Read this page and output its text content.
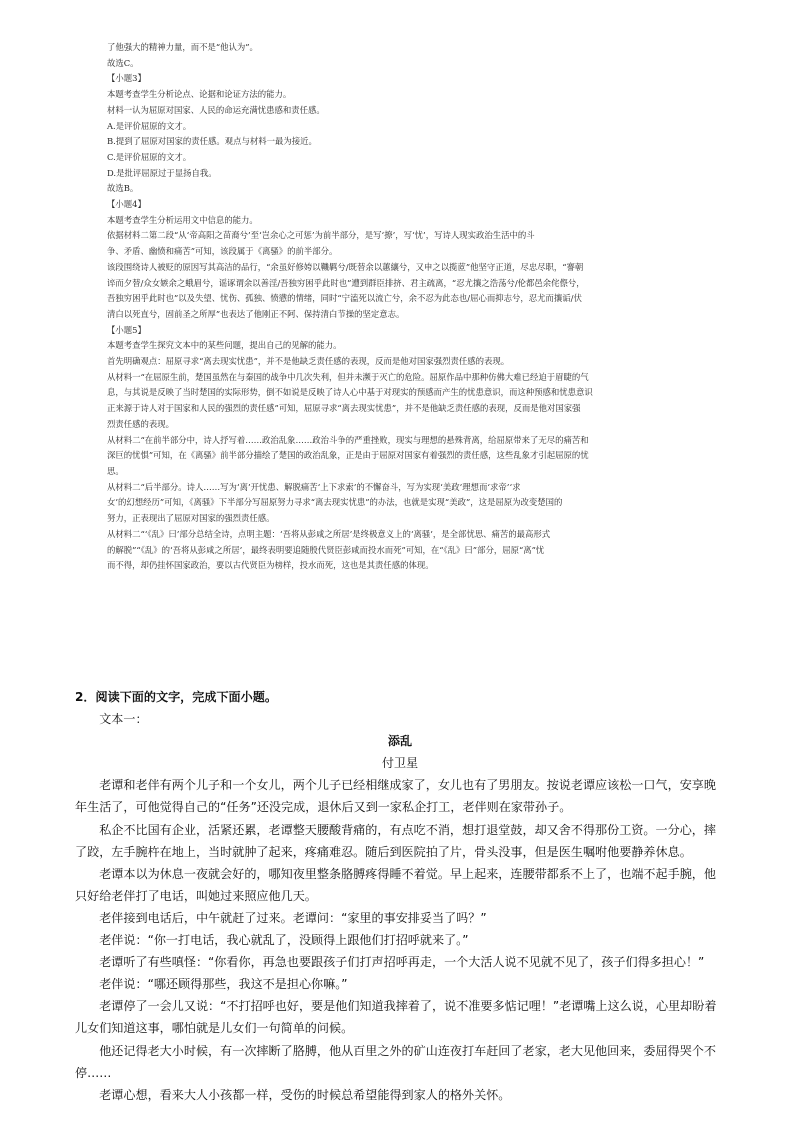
了他强大的精神力量，而不是“他认为”。

故选C。

【小题3】

本题考查学生分析论点、论据和论证方法的能力。

材料一认为屈原对国家、人民的命运充满忧患感和责任感。

A.是评价屈原的文才。

B.提到了屈原对国家的责任感。观点与材料一最为接近。

C.是评价屈原的文才。

D.是批评屈原过于显扬自我。

故选B。

【小题4】

本题考查学生分析运用文中信息的能力。

依据材料二第二段“从‘帝高阳之苗裔兮’至‘岂余心之可惩’为前半部分，是写‘撩’，写‘忧’，写诗人现实政治生活中的斗

争、矛盾、幽愤和痛苦”可知，该段属于《离骚》的前半部分。

该段围绕诗人被贬的原因写其高洁的品行，“余虽好修姱以鞿羁兮/既替余以蕙纕兮，又申之以揽茝”他坚守正道，尽忠尽职，“謇朝

谇而夕替/众女嫉余之蛾眉兮，谣诼谓余以善淫/吾独穷困乎此时也”遭到群臣排挤、君主疏离，“忍尤攘之浩荡兮/伦都邑余侘傺兮，

吾独穷困乎此时也”以及失望、忧伤、孤独、愤懑的情绪，同时“宁溘死以流亡兮，余不忍为此态也/屈心而抑志兮，忍尤而攘诟/伏

清白以死直兮，固前圣之所厚”也表达了他刚正不阿、保持清白节操的坚定意志。

【小题5】

本题考查学生探究文本中的某些问题，提出自己的见解的能力。

首先明确观点：屈原寻求“离去现实忧患”，并不是他缺乏责任感的表现，反而是他对国家强烈责任感的表现。

从材料一“在屈原生前，楚国虽然在与秦国的战争中几次失利，但并未濒于灭亡的危险。屈原作品中那种仿佛大难已经迫于眉睫的气

息，与其说是反映了当时楚国的实际形势，倒不如说是反映了诗人心中基于对现实的预感而产生的忧患意识，而这种预感和忧患意识

正来源于诗人对于国家和人民的强烈的责任感”可知，屈原寻求“离去现实忧患”，并不是他缺乏责任感的表现，反而是他对国家强

烈责任感的表现。

从材料二“在前半部分中，诗人抒写着……政治乱象……政治斗争的严重挫败，现实与理想的悬殊背离，给屈原带来了无尽的痛苦和

深巨的忧惧”可知，在《离骚》前半部分描绘了楚国的政治乱象，正是由于屈原对国家有着强烈的责任感，这些乱象才引起屈原的忧

思。

从材料二“后半部分。诗人……写为‘离’开忧患、解脱痛苦‘上下求索’的不懈奋斗，写为实现‘美政’理想而‘求帝’‘求

女’的幻想经历”可知，《离骚》下半部分写屈原努力寻求“离去现实忧患”的办法，也就是实现“美政”，这是屈原为改变楚国的

努力，正表现出了屈原对国家的强烈责任感。

从材料二“‘《乱》曰’部分总结全诗，点明主题：‘吾将从彭咸之所居’是终极意义上的‘离骚’，是全部忧思、痛苦的最高形式

的解脱”“《乱》的‘吾将从彭咸之所居’，最终表明要追随殷代贤臣彭咸而投水而死”可知，在“《乱》曰”部分，屈原“离”忧

而不得，却仍挂怀国家政治，要以古代贤臣为榜样，投水而死，这也是其责任感的体现。

2．阅读下面的文字，完成下面小题。

文本一：

添乱

付卫星

老谭和老伴有两个儿子和一个女儿，两个儿子已经相继成家了，女儿也有了男朋友。按说老谭应该松一口气，安享晚年生活了，可他觉得自己的“任务”还没完成，退休后又到一家私企打工，老伴则在家带孙子。

私企不比国有企业，活紧还累，老谭整天腰酸背痛的，有点吃不消，想打退堂鼓，却又舍不得那份工资。一分心，摔了跤，左手腕杵在地上，当时就肿了起来，疼痛难忍。随后到医院拍了片，骨头没事，但是医生嘱咐他要静养休息。

老谭本以为休息一夜就会好的，哪知夜里整条胳膊疼得睡不着觉。早上起来，连腰带都系不上了，也端不起手腕，他只好给老伴打了电话，叫她过来照应他几天。

老伴接到电话后，中午就赶了过来。老谭问：“家里的事安排妥当了吗？”

老伴说：“你一打电话，我心就乱了，没顾得上跟他们打招呼就来了。”

老谭听了有些嗔怪：“你看你，再急也要跟孩子们打声招呼再走，一个大活人说不见就不见了，孩子们得多担心！”

老伴说：“哪还顾得那些，我这不是担心你嘛。”

老谭停了一会儿又说：“不打招呼也好，要是他们知道我摔着了，说不准要多惦记哩！”老谭嘴上这么说，心里却盼着儿女们知道这事，哪怕就是儿女们一句简单的问候。

他还记得老大小时候，有一次摔断了胳膊，他从百里之外的矿山连夜打车赶回了老家，老大见他回来，委屈得哭个不停……

老谭心想，看来大人小孩都一样，受伤的时候总希望能得到家人的格外关怀。
